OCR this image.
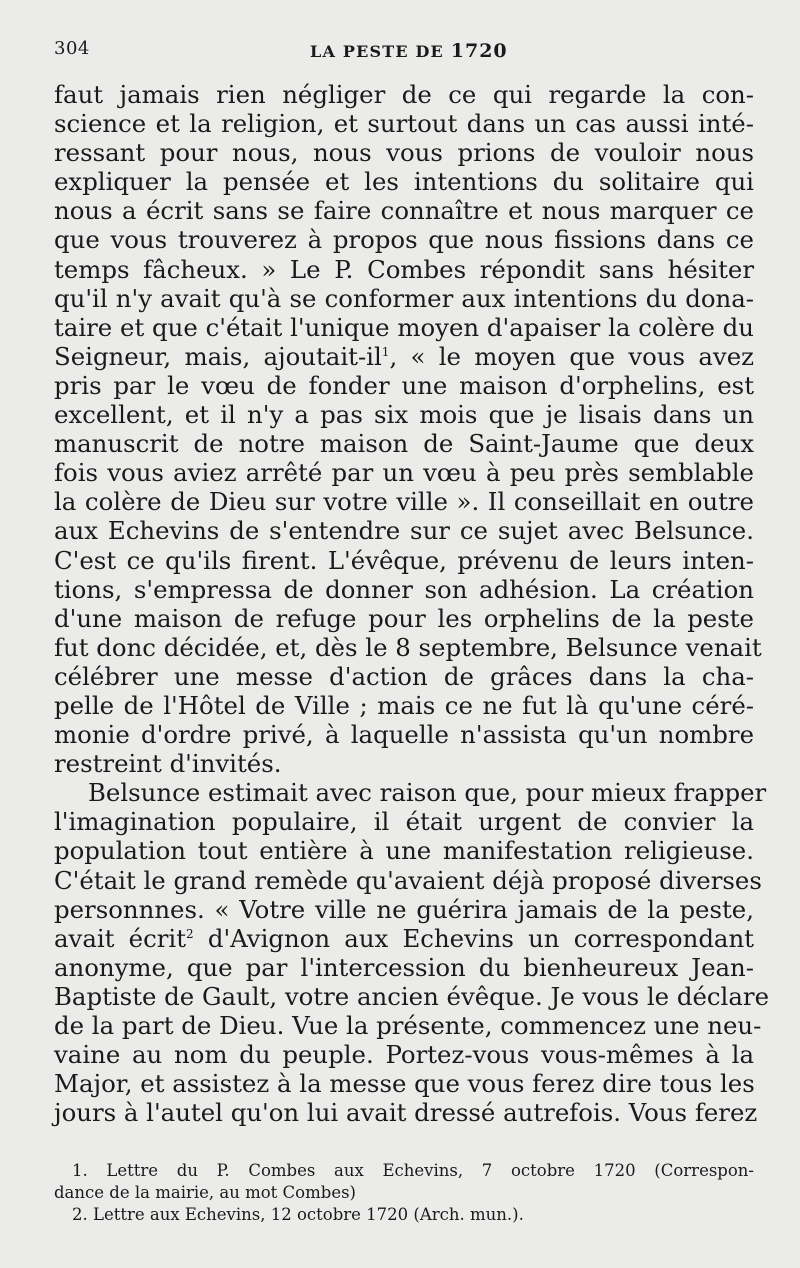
304	LA PESTE DE 1720
faut jamais rien négliger de ce qui regarde la con-
science et la religion, et surtout dans un cas aussi inté-
ressant pour nous, nous vous prions de vouloir nous
expliquer la pensée et les intentions du solitaire qui
nous a écrit sans se faire connaître et nous marquer ce
que vous trouverez à propos que nous fissions dans ce
temps fâcheux. » Le P. Combes répondit sans hésiter
qu'il n'y avait qu'à se conformer aux intentions du dona-
taire et que c'était l'unique moyen d'apaiser la colère du
Seigneur, mais, ajoutait-$il^1$, « le moyen que vous avez
pris par le vœu de fonder une maison d'orphelins, est
excellent, et il n'y a pas six mois que je lisais dans un
manuscrit de notre maison de Saint-Jaume que deux
fois vous aviez arrêté par un vœu à peu près semblable
la colère de Dieu sur votre ville ». Il conseillait en outre
aux Echevins de s'entendre sur ce sujet avec Belsunce.
C'est ce qu'ils firent. L'évêque, prévenu de leurs inten-
tions, s'empressa de donner son adhésion. La création
d'une maison de refuge pour les orphelins de la peste
fut donc décidée, et, dès le 8 septembre, Belsunce venait
célébrer une messe d'action de grâces dans la cha-
pelle de l'Hôtel de Ville ; mais ce ne fut là qu'une céré-
monie d'ordre privé, à laquelle n'assista qu'un nombre
restreint d'invités.
Belsunce estimait avec raison que, pour mieux frapper
l'imagination populaire, il était urgent de convier la
population tout entière à une manifestation religieuse.
C'était le grand remède qu'avaient déjà proposé diverses
personnnes. « Votre ville ne guérira jamais de la peste,
avait écrit$^2$ d'Avignon aux Echevins un correspondant
anonyme, que par l'intercession du bienheureux Jean-
Baptiste de Gault, votre ancien évêque. Je vous le déclare
de la part de Dieu. Vue la présente, commencez une neu-
vaine au nom du peuple. Portez-vous vous-mêmes à la
Major, et assistez à la messe que vous ferez dire tous les
jours à l'autel qu'on lui avait dressé autrefois. Vous ferez
1. Lettre du P. Combes aux Echevins, 7 octobre 1720 (Correspon-
dance de la mairie, au mot Combes)
2. Lettre aux Echevins, 12 octobre 1720 (Arch. mun.).
